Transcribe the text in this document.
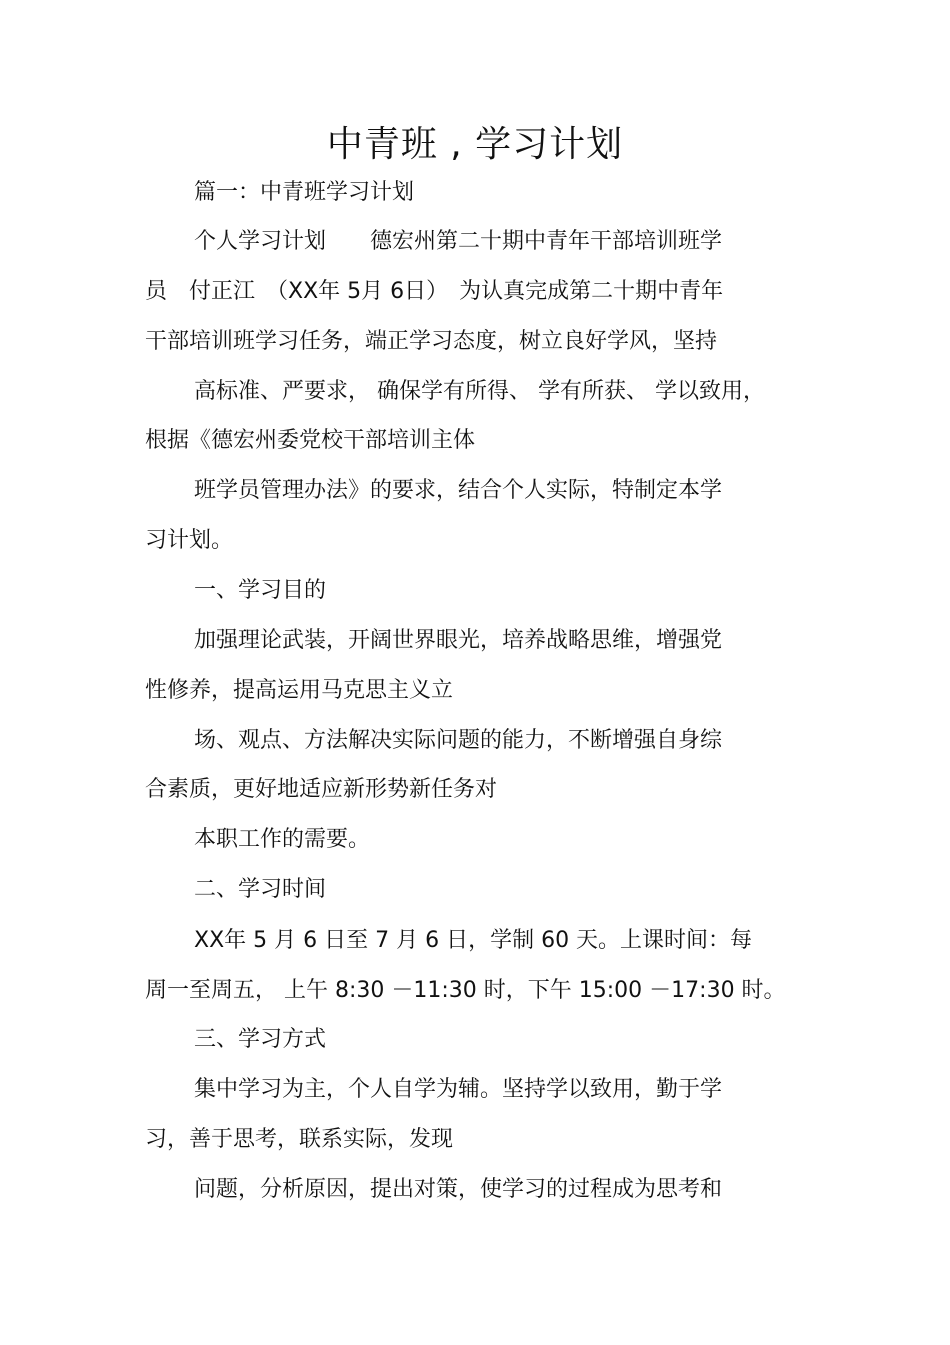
中青班 , 学习计划
篇一：中青班学习计划
个人学习计划　　德宏州第二十期中青年干部培训班学
员　付正江　（XX年 5月 6日）　为认真完成第二十期中青年
干部培训班学习任务，端正学习态度，树立良好学风，坚持
高标准、严要求， 确保学有所得、 学有所获、 学以致用，
根据《德宏州委党校干部培训主体
班学员管理办法》的要求，结合个人实际，特制定本学
习计划。
一、学习目的
加强理论武装，开阔世界眼光，培养战略思维，增强党
性修养，提高运用马克思主义立
场、观点、方法解决实际问题的能力，不断增强自身综
合素质，更好地适应新形势新任务对
本职工作的需要。
二、学习时间
XX年 5 月 6 日至 7 月 6 日，学制 60 天。上课时间：每
周一至周五， 上午 8:30 －11:30 时，下午 15:00 －17:30 时。
三、学习方式
集中学习为主，个人自学为辅。坚持学以致用，勤于学
习，善于思考，联系实际，发现
问题，分析原因，提出对策，使学习的过程成为思考和
